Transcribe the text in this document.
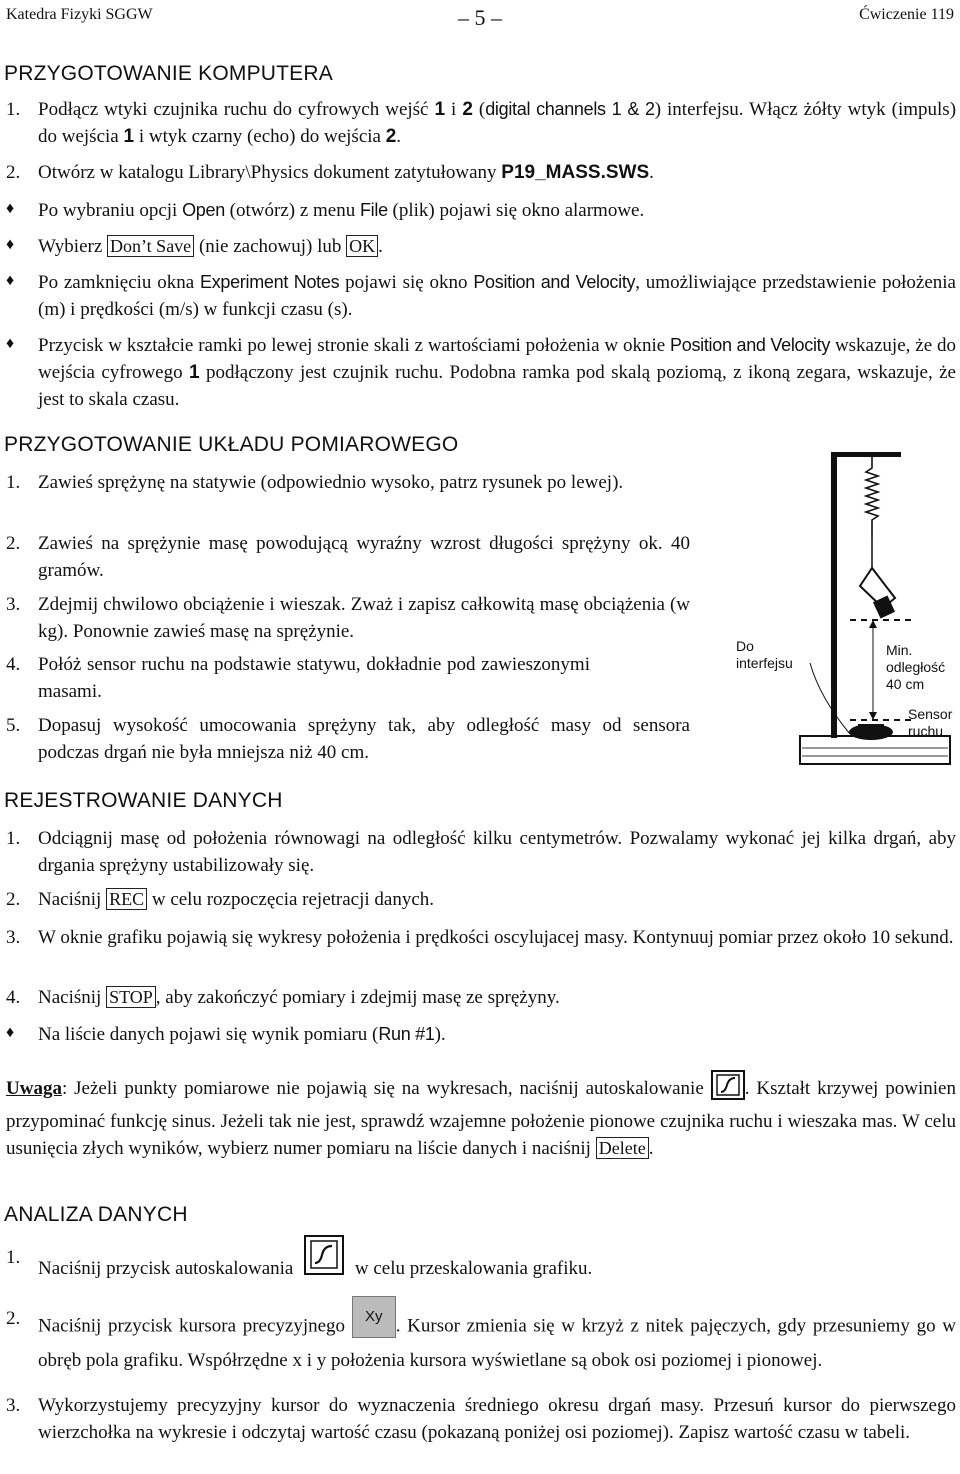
Katedra Fizyki SGGW	– 5 –	Ćwiczenie 119
PRZYGOTOWANIE KOMPUTERA
1. Podłącz wtyki czujnika ruchu do cyfrowych wejść 1 i 2 (digital channels 1 & 2) interfejsu. Włącz żółty wtyk (impuls) do wejścia 1 i wtyk czarny (echo) do wejścia 2.
2. Otwórz w katalogu Library\Physics dokument zatytułowany P19_MASS.SWS.
♦ Po wybraniu opcji Open (otwórz) z menu File (plik) pojawi się okno alarmowe.
♦ Wybierz Don’t Save (nie zachowuj) lub OK .
♦ Po zamknięciu okna Experiment Notes pojawi się okno Position and Velocity, umożliwiające przedstawienie położenia (m) i prędkości (m/s) w funkcji czasu (s).
♦ Przycisk w kształcie ramki po lewej stronie skali z wartościami położenia w oknie Position and Velocity wskazuje, że do wejścia cyfrowego 1 podłączony jest czujnik ruchu. Podobna ramka pod skalą poziomą, z ikoną zegara, wskazuje, że jest to skala czasu.
PRZYGOTOWANIE UKŁADU POMIAROWEGO
1. Zawieś sprężynę na statywie (odpowiednio wysoko, patrz rysunek po lewej).
2. Zawieś na sprężynie masę powodującą wyraźny wzrost długości sprężyny ok. 40 gramów.
3. Zdejmij chwilowo obciążenie i wieszak. Zważ i zapisz całkowitą masę obciążenia (w kg). Ponownie zawieś masę na sprężynie.
4. Połóż sensor ruchu na podstawie statywu, dokładnie pod zawieszonymi masami.
5. Dopasuj wysokość umocowania sprężyny tak, aby odległość masy od sensora podczas drgań nie była mniejsza niż 40 cm.
Do
interfejsu
Min.
odległość
40 cm
Sensor
ruchu
REJESTROWANIE DANYCH
1. Odciągnij masę od położenia równowagi na odległość kilku centymetrów. Pozwalamy wykonać jej kilka drgań, aby drgania sprężyny ustabilizowały się.
2. Naciśnij REC w celu rozpoczęcia rejetracji danych.
3. W oknie grafiku pojawią się wykresy położenia i prędkości oscylujacej masy. Kontynuuj pomiar przez około 10 sekund.
4. Naciśnij STOP , aby zakończyć pomiary i zdejmij masę ze sprężyny.
♦ Na liście danych pojawi się wynik pomiaru (Run #1).
Uwaga: Jeżeli punkty pomiarowe nie pojawią się na wykresach, naciśnij autoskalowanie . Kształt krzywej powinien przypominać funkcję sinus. Jeżeli tak nie jest, sprawdź wzajemne położenie pionowe czujnika ruchu i wieszaka mas. W celu usunięcia złych wyników, wybierz numer pomiaru na liście danych i naciśnij Delete .
ANALIZA DANYCH
1.
Naciśnij przycisk autoskalowania	w celu przeskalowania grafiku.
2. Naciśnij przycisk kursora precyzyjnego Xy . Kursor zmienia się w krzyż z nitek pajęczych, gdy przesuniemy go w obręb pola grafiku. Współrzędne x i y położenia kursora wyświetlane są obok osi poziomej i pionowej.
3. Wykorzystujemy precyzyjny kursor do wyznaczenia średniego okresu drgań masy. Przesuń kursor do pierwszego wierzchołka na wykresie i odczytaj wartość czasu (pokazaną poniżej osi poziomej). Zapisz wartość czasu w tabeli.
